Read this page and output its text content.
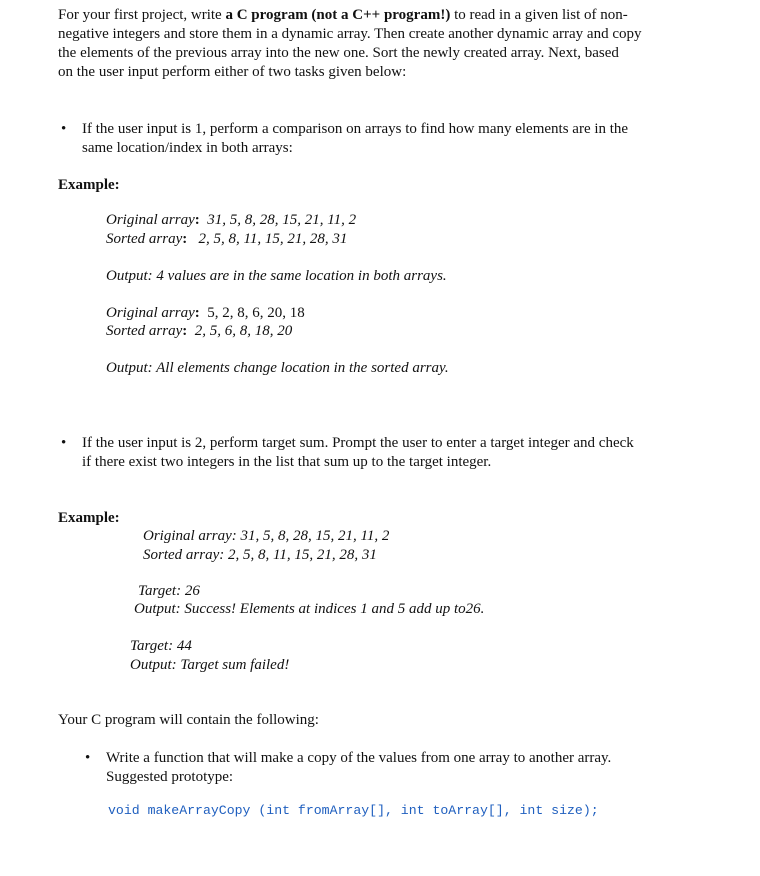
For your first project, write a C program (not a C++ program!) to read in a given list of non-
negative integers and store them in a dynamic array. Then create another dynamic array and copy
the elements of the previous array into the new one. Sort the newly created array. Next, based
on the user input perform either of two tasks given below:
• If the user input is 1, perform a comparison on arrays to find how many elements are in the
same location/index in both arrays:
Example:
Original array: 31, 5, 8, 28, 15, 21, 11, 2
Sorted array: 2, 5, 8, 11, 15, 21, 28, 31
Output: 4 values are in the same location in both arrays.
Original array: 5, 2, 8, 6, 20, 18
Sorted array: 2, 5, 6, 8, 18, 20
Output: All elements change location in the sorted array.
• If the user input is 2, perform target sum. Prompt the user to enter a target integer and check
if there exist two integers in the list that sum up to the target integer.
Example:
Original array: 31, 5, 8, 28, 15, 21, 11, 2
Sorted array: 2, 5, 8, 11, 15, 21, 28, 31
Target: 26
Output: Success! Elements at indices 1 and 5 add up to26.
Target: 44
Output: Target sum failed!
Your C program will contain the following:
• Write a function that will make a copy of the values from one array to another array.
Suggested prototype:
void makeArrayCopy (int fromArray[], int toArray[], int size);
